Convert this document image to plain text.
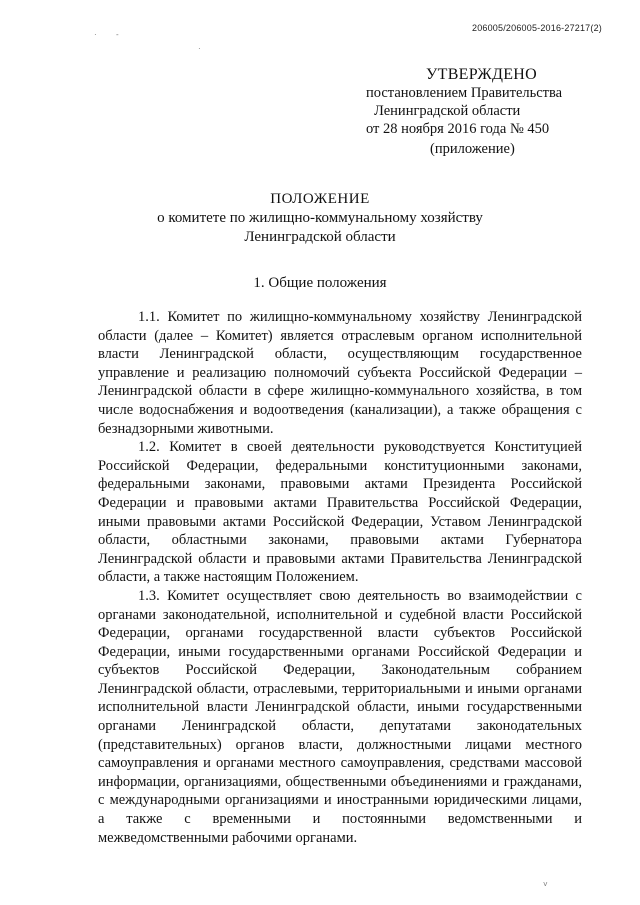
206005/206005-2016-27217(2)
· -
·
˅
УТВЕРЖДЕНО
постановлением Правительства
Ленинградской области
от 28 ноября 2016 года № 450
(приложение)
ПОЛОЖЕНИЕ
о комитете по жилищно-коммунальному хозяйству
Ленинградской области
1. Общие положения

1.1. Комитет по жилищно-коммунальному хозяйству Ленинградской области (далее – Комитет) является отраслевым органом исполнительной власти Ленинградской области, осуществляющим государственное управление и реализацию полномочий субъекта Российской Федерации – Ленинградской области в сфере жилищно-коммунального хозяйства, в том числе водоснабжения и водоотведения (канализации), а также обращения с безнадзорными животными.

1.2. Комитет в своей деятельности руководствуется Конституцией Российской Федерации, федеральными конституционными законами, федеральными законами, правовыми актами Президента Российской Федерации и правовыми актами Правительства Российской Федерации, иными правовыми актами Российской Федерации, Уставом Ленинградской области, областными законами, правовыми актами Губернатора Ленинградской области и правовыми актами Правительства Ленинградской области, а также настоящим Положением.

1.3. Комитет осуществляет свою деятельность во взаимодействии с органами законодательной, исполнительной и судебной власти Российской Федерации, органами государственной власти субъектов Российской Федерации, иными государственными органами Российской Федерации и субъектов Российской Федерации, Законодательным собранием Ленинградской области, отраслевыми, территориальными и иными органами исполнительной власти Ленинградской области, иными государственными органами Ленинградской области, депутатами законодательных (представительных) органов власти, должностными лицами местного самоуправления и органами местного самоуправления, средствами массовой информации, организациями, общественными объединениями и гражданами, с международными организациями и иностранными юридическими лицами, а также с временными и постоянными ведомственными и межведомственными рабочими органами.
